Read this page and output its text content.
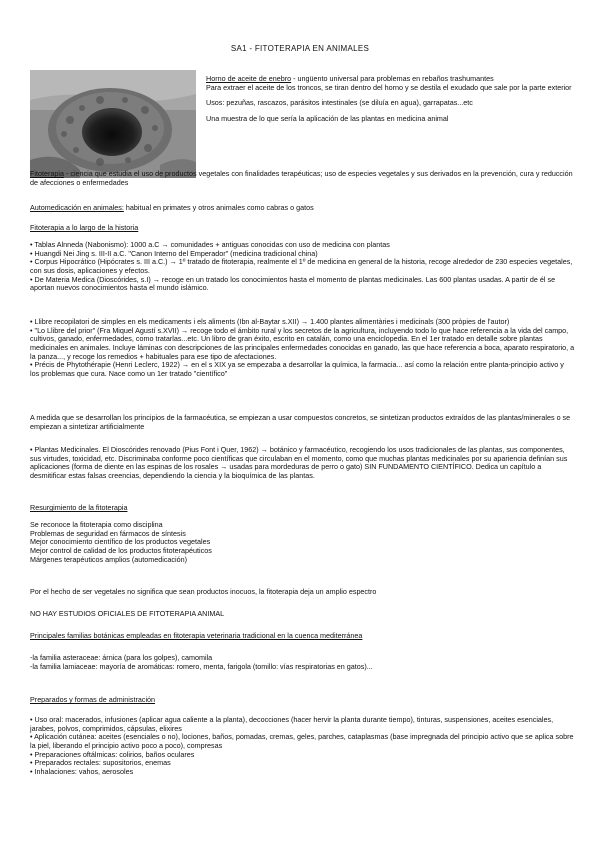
SA1 - FITOTERAPIA EN ANIMALES

Horno de aceite de enebro - ungüento universal para problemas en rebaños trashumantes
Para extraer el aceite de los troncos, se tiran dentro del horno y se destila el exudado que sale por la parte exterior

Usos: pezuñas, rascazos, parásitos intestinales (se diluía en agua), garrapatas...etc

Una muestra de lo que sería la aplicación de las plantas en medicina animal

Fitoterapia - ciencia que estudia el uso de productos vegetales con finalidades terapéuticas; uso de especies vegetales y sus derivados en la prevención, cura y reducción de afecciones o enfermedades

Automedicación en animales: habitual en primates y otros animales como cabras o gatos

Fitoterapia a lo largo de la historia

• Tablas Alnneda (Nabonismo): 1000 a.C → comunidades + antiguas conocidas con uso de medicina con plantas

• Huangdi Nei Jing s. III-II a.C. "Canon Interno del Emperador" (medicina tradicional china)

• Corpus Hipocrático (Hipócrates s. III a.C.) → 1º tratado de fitoterapia, realmente el 1º de medicina en general de la historia, recoge alrededor de 230 especies vegetales, con sus dosis, aplicaciones y efectos.

• De Materia Medica (Dioscórides, s.I) → recoge en un tratado los conocimientos hasta el momento de plantas medicinales. Las 600 plantas usadas. A partir de él se aportan nuevos conocimientos hasta el mundo islámico.

• Llibre recopilatori de simples en els medicaments i els aliments (Ibn al-Baytar s.XII) → 1.400 plantes alimentàries i medicinals (300 pròpies de l'autor)

• "Lo Llibre del prior" (Fra Miquel Agustí s.XVII) → recoge todo el ámbito rural y los secretos de la agricultura, incluyendo todo lo que hace referencia a la vida del campo, cultivos, ganado, enfermedades, como tratarlas...etc. Un libro de gran éxito, escrito en catalán, como una enciclopedia. En el 1er tratado en detalle sobre plantas medicinales en animales. Incluye láminas con descripciones de las principales enfermedades conocidas en ganado, las que hace referencia a boca, aparato respiratorio, a la panza..., y recoge los remedios + habituales para ese tipo de afectaciones.

• Précis de Phytothérapie (Henri Leclerc, 1922) → en el s XIX ya se empezaba a desarrollar la química, la farmacia... así como la relación entre planta-principio activo y los problemas que cura. Nace como un 1er tratado "científico"

A medida que se desarrollan los principios de la farmacéutica, se empiezan a usar compuestos concretos, se sintetizan productos extraídos de las plantas/minerales o se empiezan a sintetizar artificialmente

• Plantas Medicinales. El Dioscórides renovado (Pius Font i Quer, 1962) → botánico y farmacéutico, recogiendo los usos tradicionales de las plantas, sus componentes, sus virtudes, toxicidad, etc. Discriminaba conforme poco científicas que circulaban en el momento, como que muchas plantas medicinales por su apariencia definían sus aplicaciones (forma de diente en las espinas de los rosales → usadas para mordeduras de perro o gato) SIN FUNDAMENTO CIENTÍFICO. Dedica un capítulo a desmitificar estas falsas creencias, dependiendo la ciencia y la bioquímica de las plantas.

Resurgimiento de la fitoterapia

Se reconoce la fitoterapia como disciplina

Problemas de seguridad en fármacos de síntesis

Mejor conocimiento científico de los productos vegetales

Mejor control de calidad de los productos fitoterapéuticos

Márgenes terapéuticos amplios (automedicación)

Por el hecho de ser vegetales no significa que sean productos inocuos, la fitoterapia deja un amplio espectro

NO HAY ESTUDIOS OFICIALES DE FITOTERAPIA ANIMAL

Principales familias botánicas empleadas en fitoterapia veterinaria tradicional en la cuenca mediterránea

-la familia asteraceae: árnica (para los golpes), camomila

-la familia lamiaceae: mayoría de aromáticas: romero, menta, farigola (tomillo: vías respiratorias en gatos)...

Preparados y formas de administración

• Uso oral: macerados, infusiones (aplicar agua caliente a la planta), decocciones (hacer hervir la planta durante tiempo), tinturas, suspensiones, aceites esenciales, jarabes, polvos, comprimidos, cápsulas, elixires

• Aplicación cutánea: aceites (esenciales o no), lociones, baños, pomadas, cremas, geles, parches, cataplasmas (base impregnada del principio activo que se aplica sobre la piel, liberando el principio activo poco a poco), compresas

• Preparaciones oftálmicas: colirios, baños oculares

• Preparados rectales: supositorios, enemas

• Inhalaciones: vahos, aerosoles
